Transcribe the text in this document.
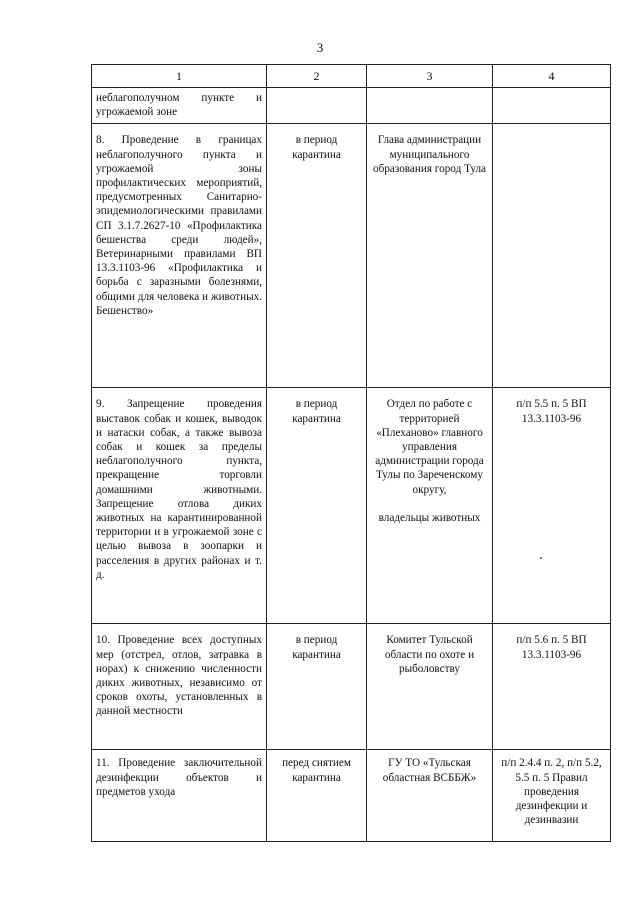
3
1	2	3	4

неблагополучном пункте и угрожаемой зоне			

8. Проведение в границах неблагополучного пункта и угрожаемой зоны профилактических мероприятий, предусмотренных Санитарно-эпидемиологическими правилами СП 3.1.7.2627-10 «Профилактика бешенства среди людей», Ветеринарными правилами ВП 13.3.1103-96 «Профилактика и борьба с заразными болезнями, общими для человека и животных. Бешенство»	в период карантина	Глава администрации муниципального образования город Тула	

9. Запрещение проведения выставок собак и кошек, выводок и натаски собак, а также вывоза собак и кошек за пределы неблагополучного пункта, прекращение торговли домашними животными. Запрещение отлова диких животных на карантинированной территории и в угрожаемой зоне с целью вывоза в зоопарки и расселения в других районах и т. д.	в период карантина	Отдел по работе с территорией «Плеханово» главного управления администрации города Тулы по Зареченскому округу,
владельцы животных	п/п 5.5 п. 5 ВП 13.3.1103-96

10. Проведение всех доступных мер (отстрел, отлов, затравка в норах) к снижению численности диких животных, независимо от сроков охоты, установленных в данной местности	в период карантина	Комитет Тульской области по охоте и рыболовству	п/п 5.6 п. 5 ВП 13.3.1103-96

11. Проведение заключительной дезинфекции объектов и предметов ухода	перед снятием карантина	ГУ ТО «Тульская областная ВСББЖ»	п/п 2.4.4 п. 2, п/п 5.2, 5.5 п. 5 Правил проведения дезинфекции и дезинвазии
